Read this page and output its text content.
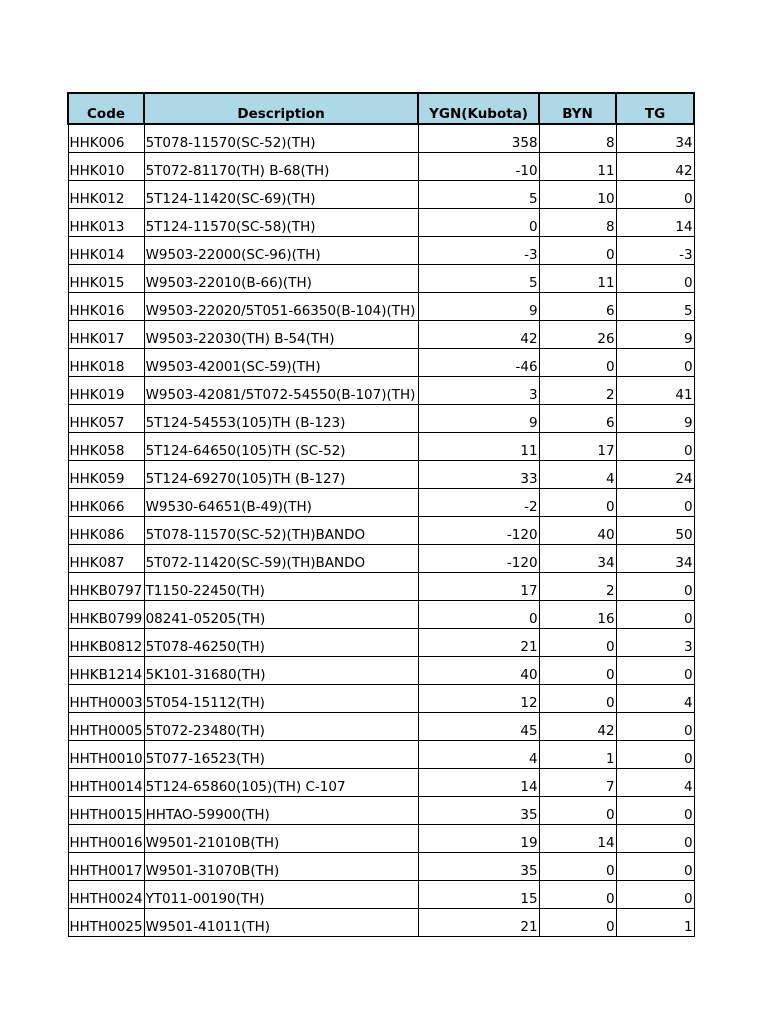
Code	Description	YGN(Kubota)	BYN	TG
HHK006	5T078-11570(SC-52)(TH)	358	8	34
HHK010	5T072-81170(TH) B-68(TH)	-10	11	42
HHK012	5T124-11420(SC-69)(TH)	5	10	0
HHK013	5T124-11570(SC-58)(TH)	0	8	14
HHK014	W9503-22000(SC-96)(TH)	-3	0	-3
HHK015	W9503-22010(B-66)(TH)	5	11	0
HHK016	W9503-22020/5T051-66350(B-104)(TH)	9	6	5
HHK017	W9503-22030(TH) B-54(TH)	42	26	9
HHK018	W9503-42001(SC-59)(TH)	-46	0	0
HHK019	W9503-42081/5T072-54550(B-107)(TH)	3	2	41
HHK057	5T124-54553(105)TH (B-123)	9	6	9
HHK058	5T124-64650(105)TH (SC-52)	11	17	0
HHK059	5T124-69270(105)TH (B-127)	33	4	24
HHK066	W9530-64651(B-49)(TH)	-2	0	0
HHK086	5T078-11570(SC-52)(TH)BANDO	-120	40	50
HHK087	5T072-11420(SC-59)(TH)BANDO	-120	34	34
HHKB0797	T1150-22450(TH)	17	2	0
HHKB0799	08241-05205(TH)	0	16	0
HHKB0812	5T078-46250(TH)	21	0	3
HHKB1214	5K101-31680(TH)	40	0	0
HHTH0003	5T054-15112(TH)	12	0	4
HHTH0005	5T072-23480(TH)	45	42	0
HHTH0010	5T077-16523(TH)	4	1	0
HHTH0014	5T124-65860(105)(TH) C-107	14	7	4
HHTH0015	HHTAO-59900(TH)	35	0	0
HHTH0016	W9501-21010B(TH)	19	14	0
HHTH0017	W9501-31070B(TH)	35	0	0
HHTH0024	YT011-00190(TH)	15	0	0
HHTH0025	W9501-41011(TH)	21	0	1
